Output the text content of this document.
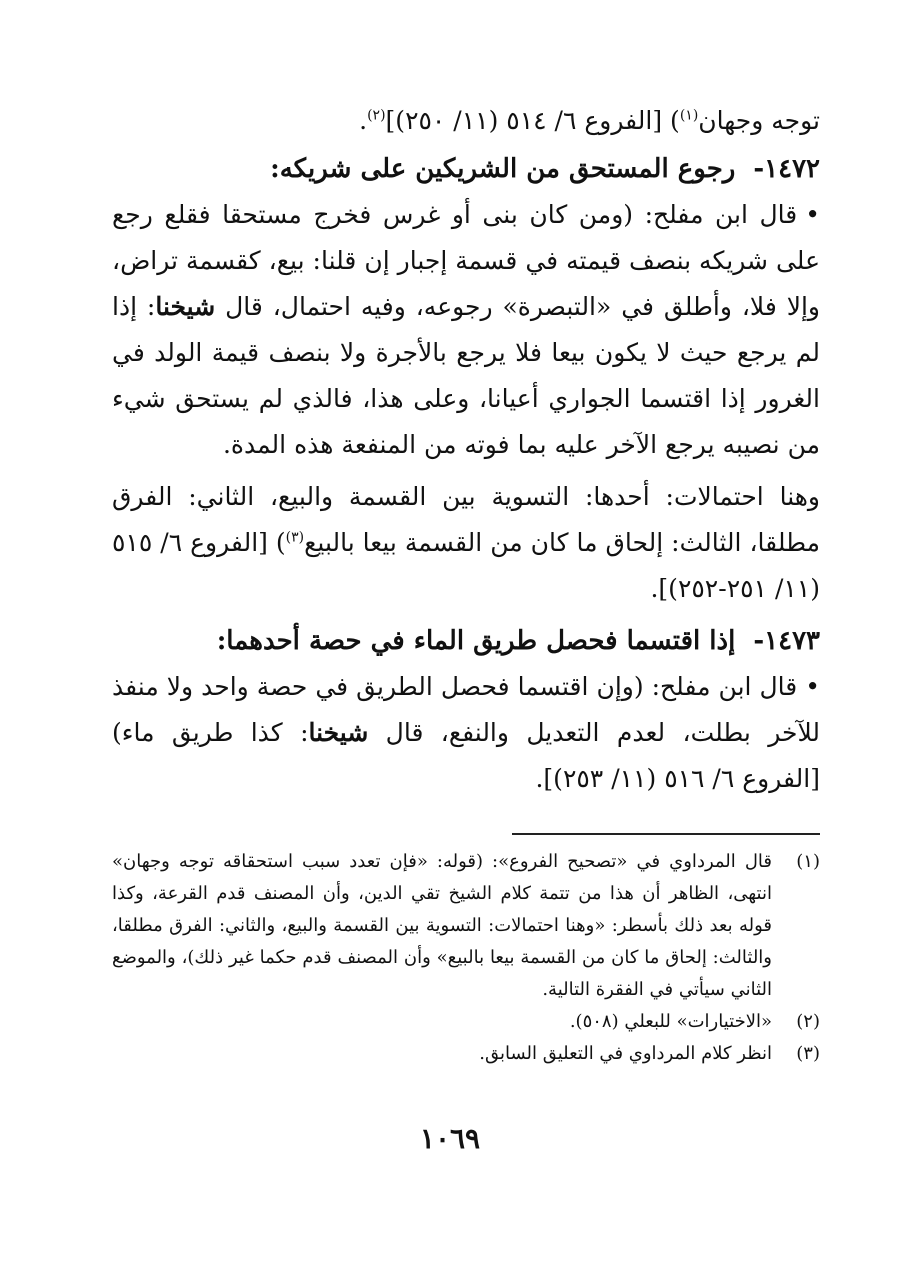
توجه وجهان$^{(١)}$) [الفروع ٦/ ٥١٤ (١١/ ٢٥٠)]$^{(٢)}$.

١٤٧٢-رجوع المستحق من الشريكين على شريكه:

•قال ابن مفلح: (ومن كان بنى أو غرس فخرج مستحقا فقلع رجع على شريكه بنصف قيمته في قسمة إجبار إن قلنا: بيع، كقسمة تراض، وإلا فلا، وأطلق في «التبصرة» رجوعه، وفيه احتمال، قال شيخنا: إذا لم يرجع حيث لا يكون بيعا فلا يرجع بالأجرة ولا بنصف قيمة الولد في الغرور إذا اقتسما الجواري أعيانا، وعلى هذا، فالذي لم يستحق شيء من نصيبه يرجع الآخر عليه بما فوته من المنفعة هذه المدة.

وهنا احتمالات: أحدها: التسوية بين القسمة والبيع، الثاني: الفرق مطلقا، الثالث: إلحاق ما كان من القسمة بيعا بالبيع$^{(٣)}$) [الفروع ٦/ ٥١٥ (١١/ ٢٥١-٢٥٢)].

١٤٧٣-إذا اقتسما فحصل طريق الماء في حصة أحدهما:

•قال ابن مفلح: (وإن اقتسما فحصل الطريق في حصة واحد ولا منفذ للآخر بطلت، لعدم التعديل والنفع، قال شيخنا: كذا طريق ماء) [الفروع ٦/ ٥١٦ (١١/ ٢٥٣)].

(١)
قال المرداوي في «تصحيح الفروع»: (قوله: «فإن تعدد سبب استحقاقه توجه وجهان» انتهى، الظاهر أن هذا من تتمة كلام الشيخ تقي الدين، وأن المصنف قدم القرعة، وكذا قوله بعد ذلك بأسطر: «وهنا احتمالات: التسوية بين القسمة والبيع، والثاني: الفرق مطلقا، والثالث: إلحاق ما كان من القسمة بيعا بالبيع» وأن المصنف قدم حكما غير ذلك)، والموضع الثاني سيأتي في الفقرة التالية.
(٢)
«الاختيارات» للبعلي (٥٠٨).
(٣)
انظر كلام المرداوي في التعليق السابق.
١٠٦٩
